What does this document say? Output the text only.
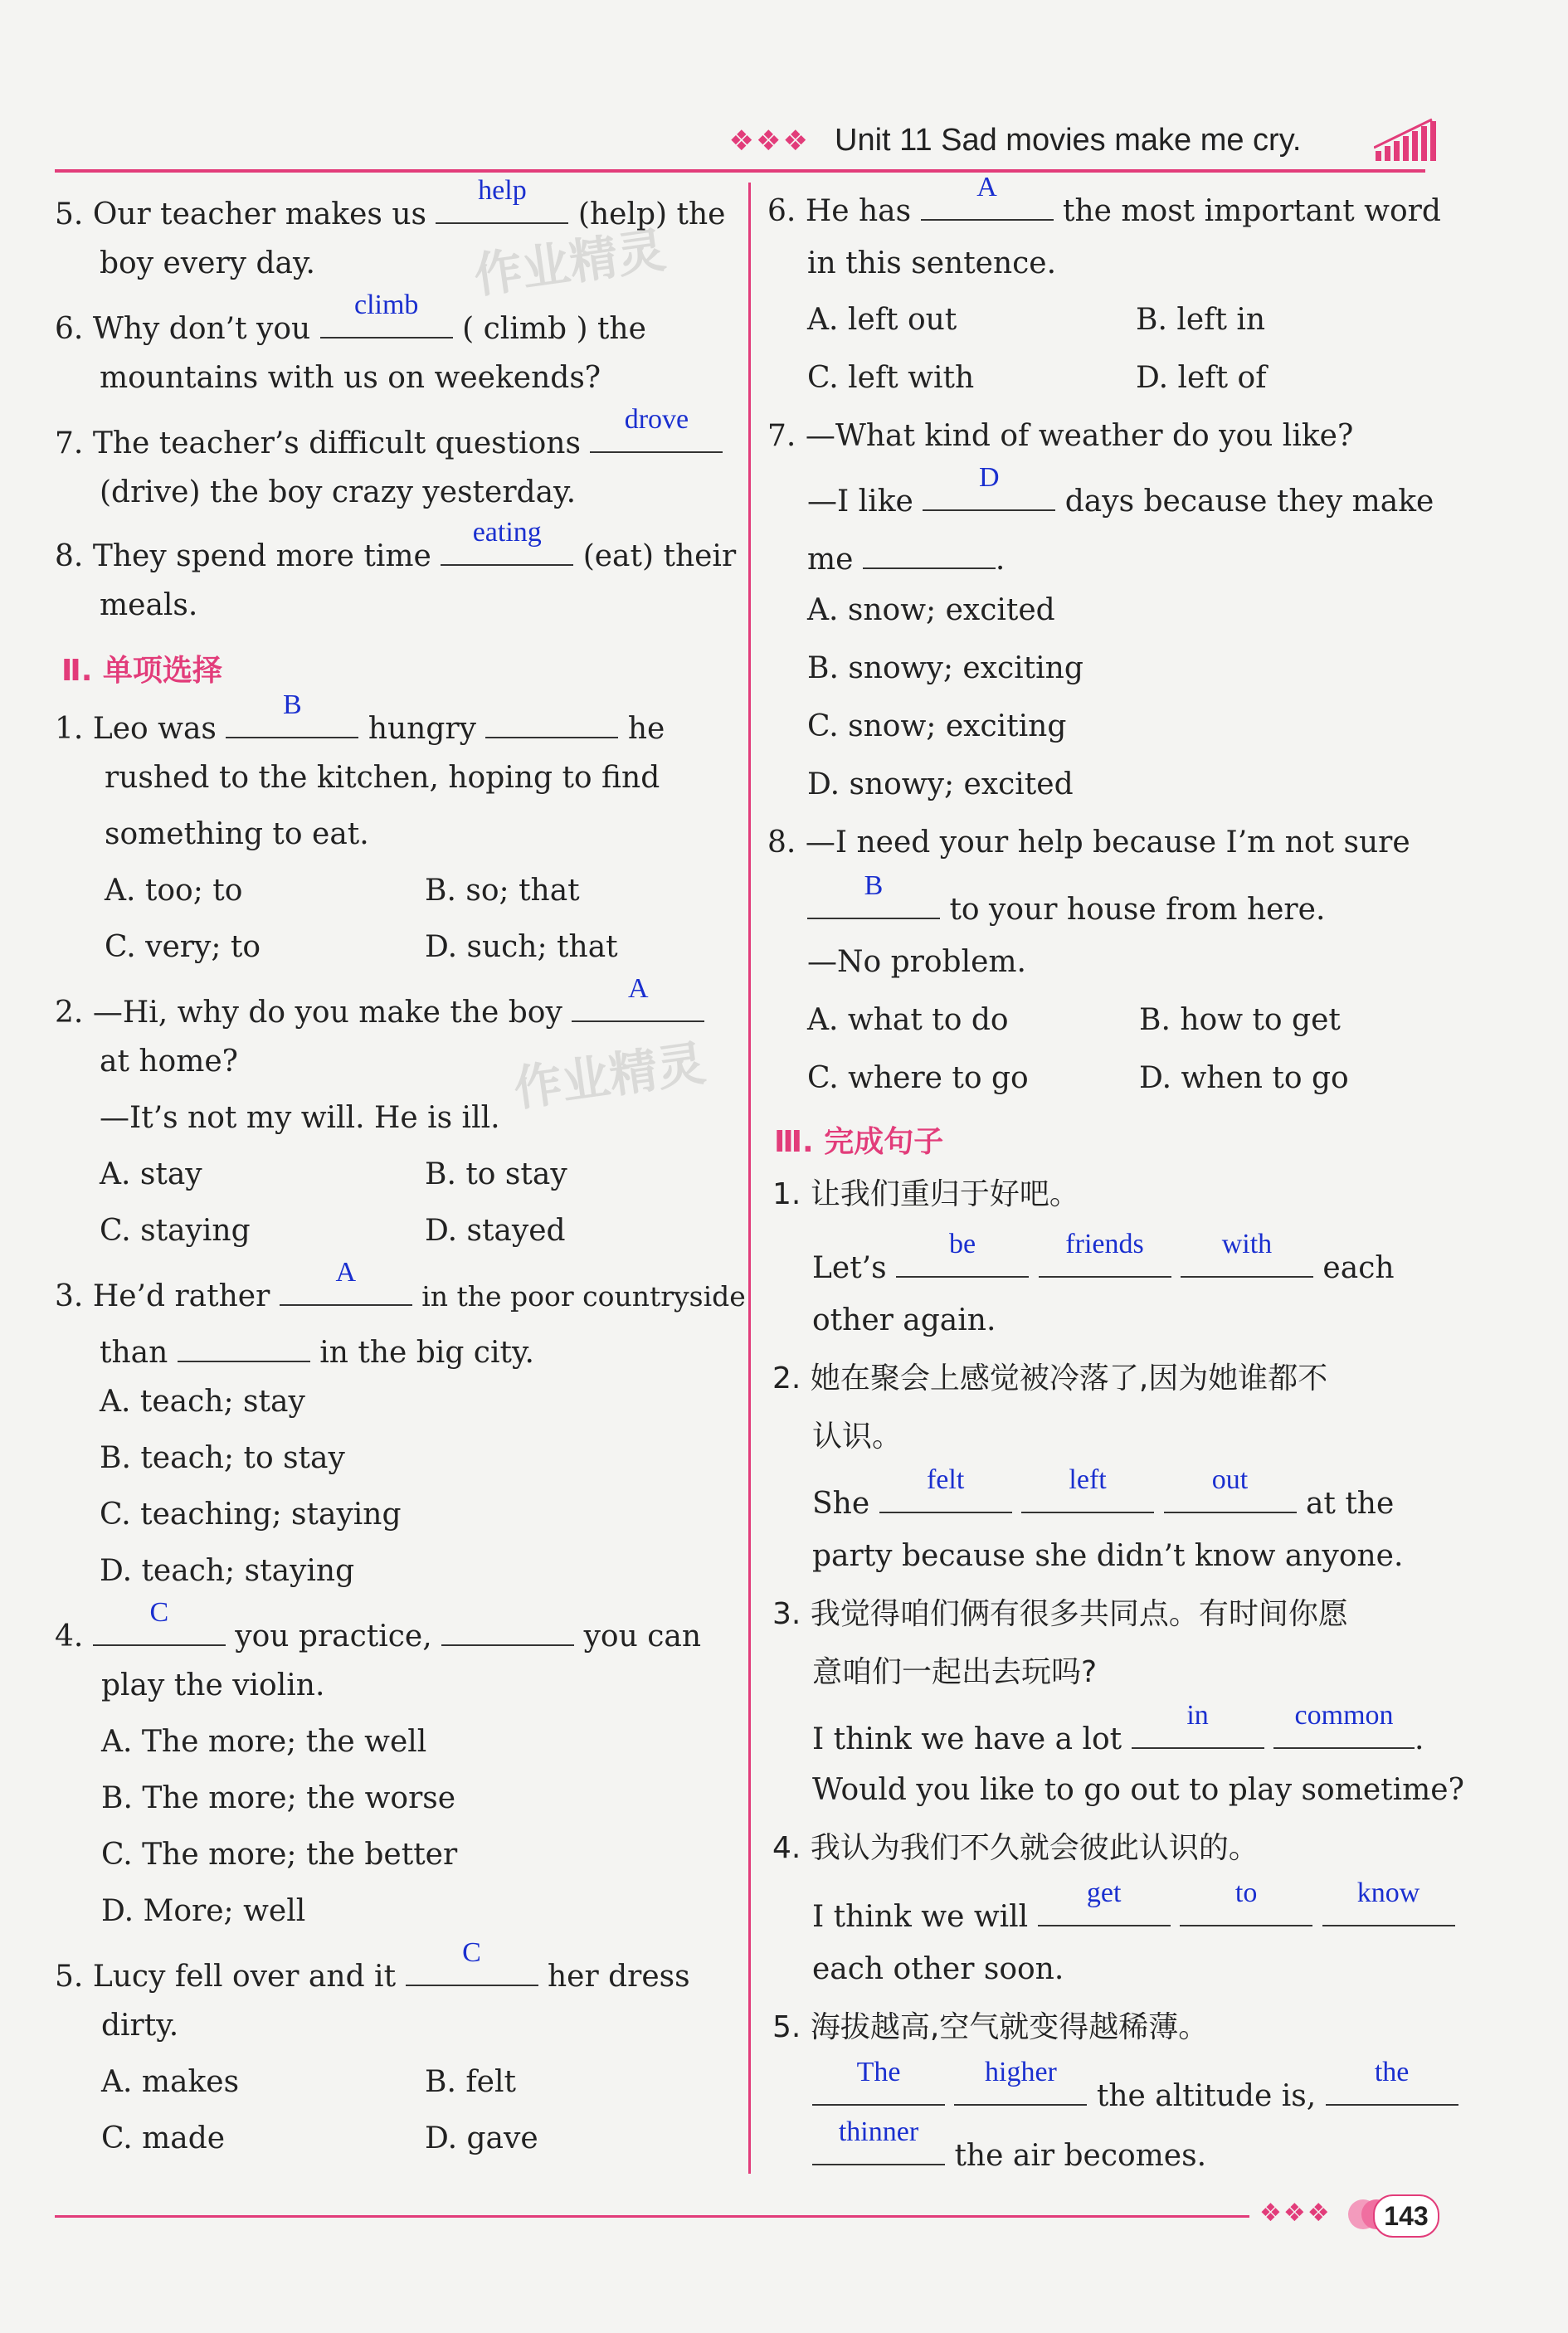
❖❖❖ Unit 11 Sad movies make me cry.
作业精灵
作业精灵
5. Our teacher makes us
help
(help) the
boy every day.
6. Why don’t you
climb
( climb ) the
mountains with us on weekends?
7. The teacher’s difficult questions
drove
(drive) the boy crazy yesterday.
8. They spend more time
eating
(eat) their
meals.
Ⅱ. 单项选择
1. Leo was
B
hungry	he
rushed to the kitchen, hoping to find
something to eat.
A. too; to	B. so; that
C. very; to	D. such; that
2. —Hi, why do you make the boy
A
at home?
—It’s not my will. He is ill.
A. stay	B. to stay
C. staying	D. stayed
3. He’d rather
A
in the poor countryside
than	in the big city.
A. teach; stay
B. teach; to stay
C. teaching; staying
D. teach; staying
4.
C
you practice,	you can
play the violin.
A. The more; the well
B. The more; the worse
C. The more; the better
D. More; well
5. Lucy fell over and it
C
her dress
dirty.
A. makes	B. felt
C. made	D. gave
6. He has
A
the most important word
in this sentence.
A. left out	B. left in
C. left with	D. left of
7. —What kind of weather do you like?
—I like
D
days because they make
me	.
A. snow; excited
B. snowy; exciting
C. snow; exciting
D. snowy; excited
8. —I need your help because I’m not sure
B
to your house from here.
—No problem.
A. what to do	B. how to get
C. where to go	D. when to go
Ⅲ. 完成句子
1. 让我们重归于好吧。
Let’s
be
	friends
	with
each
other again.
2. 她在聚会上感觉被冷落了,因为她谁都不
认识。
She
felt
	left
	out
at the
party because she didn’t know anyone.
3. 我觉得咱们俩有很多共同点。有时间你愿
意咱们一起出去玩吗?
I think we have a lot
in
	common
.
Would you like to go out to play sometime?
4. 我认为我们不久就会彼此认识的。
I think we will
get
	to
	know
each other soon.
5. 海拔越高,空气就变得越稀薄。
The
	higher
the altitude is,
the
thinner
the air becomes.
❖❖❖	143
